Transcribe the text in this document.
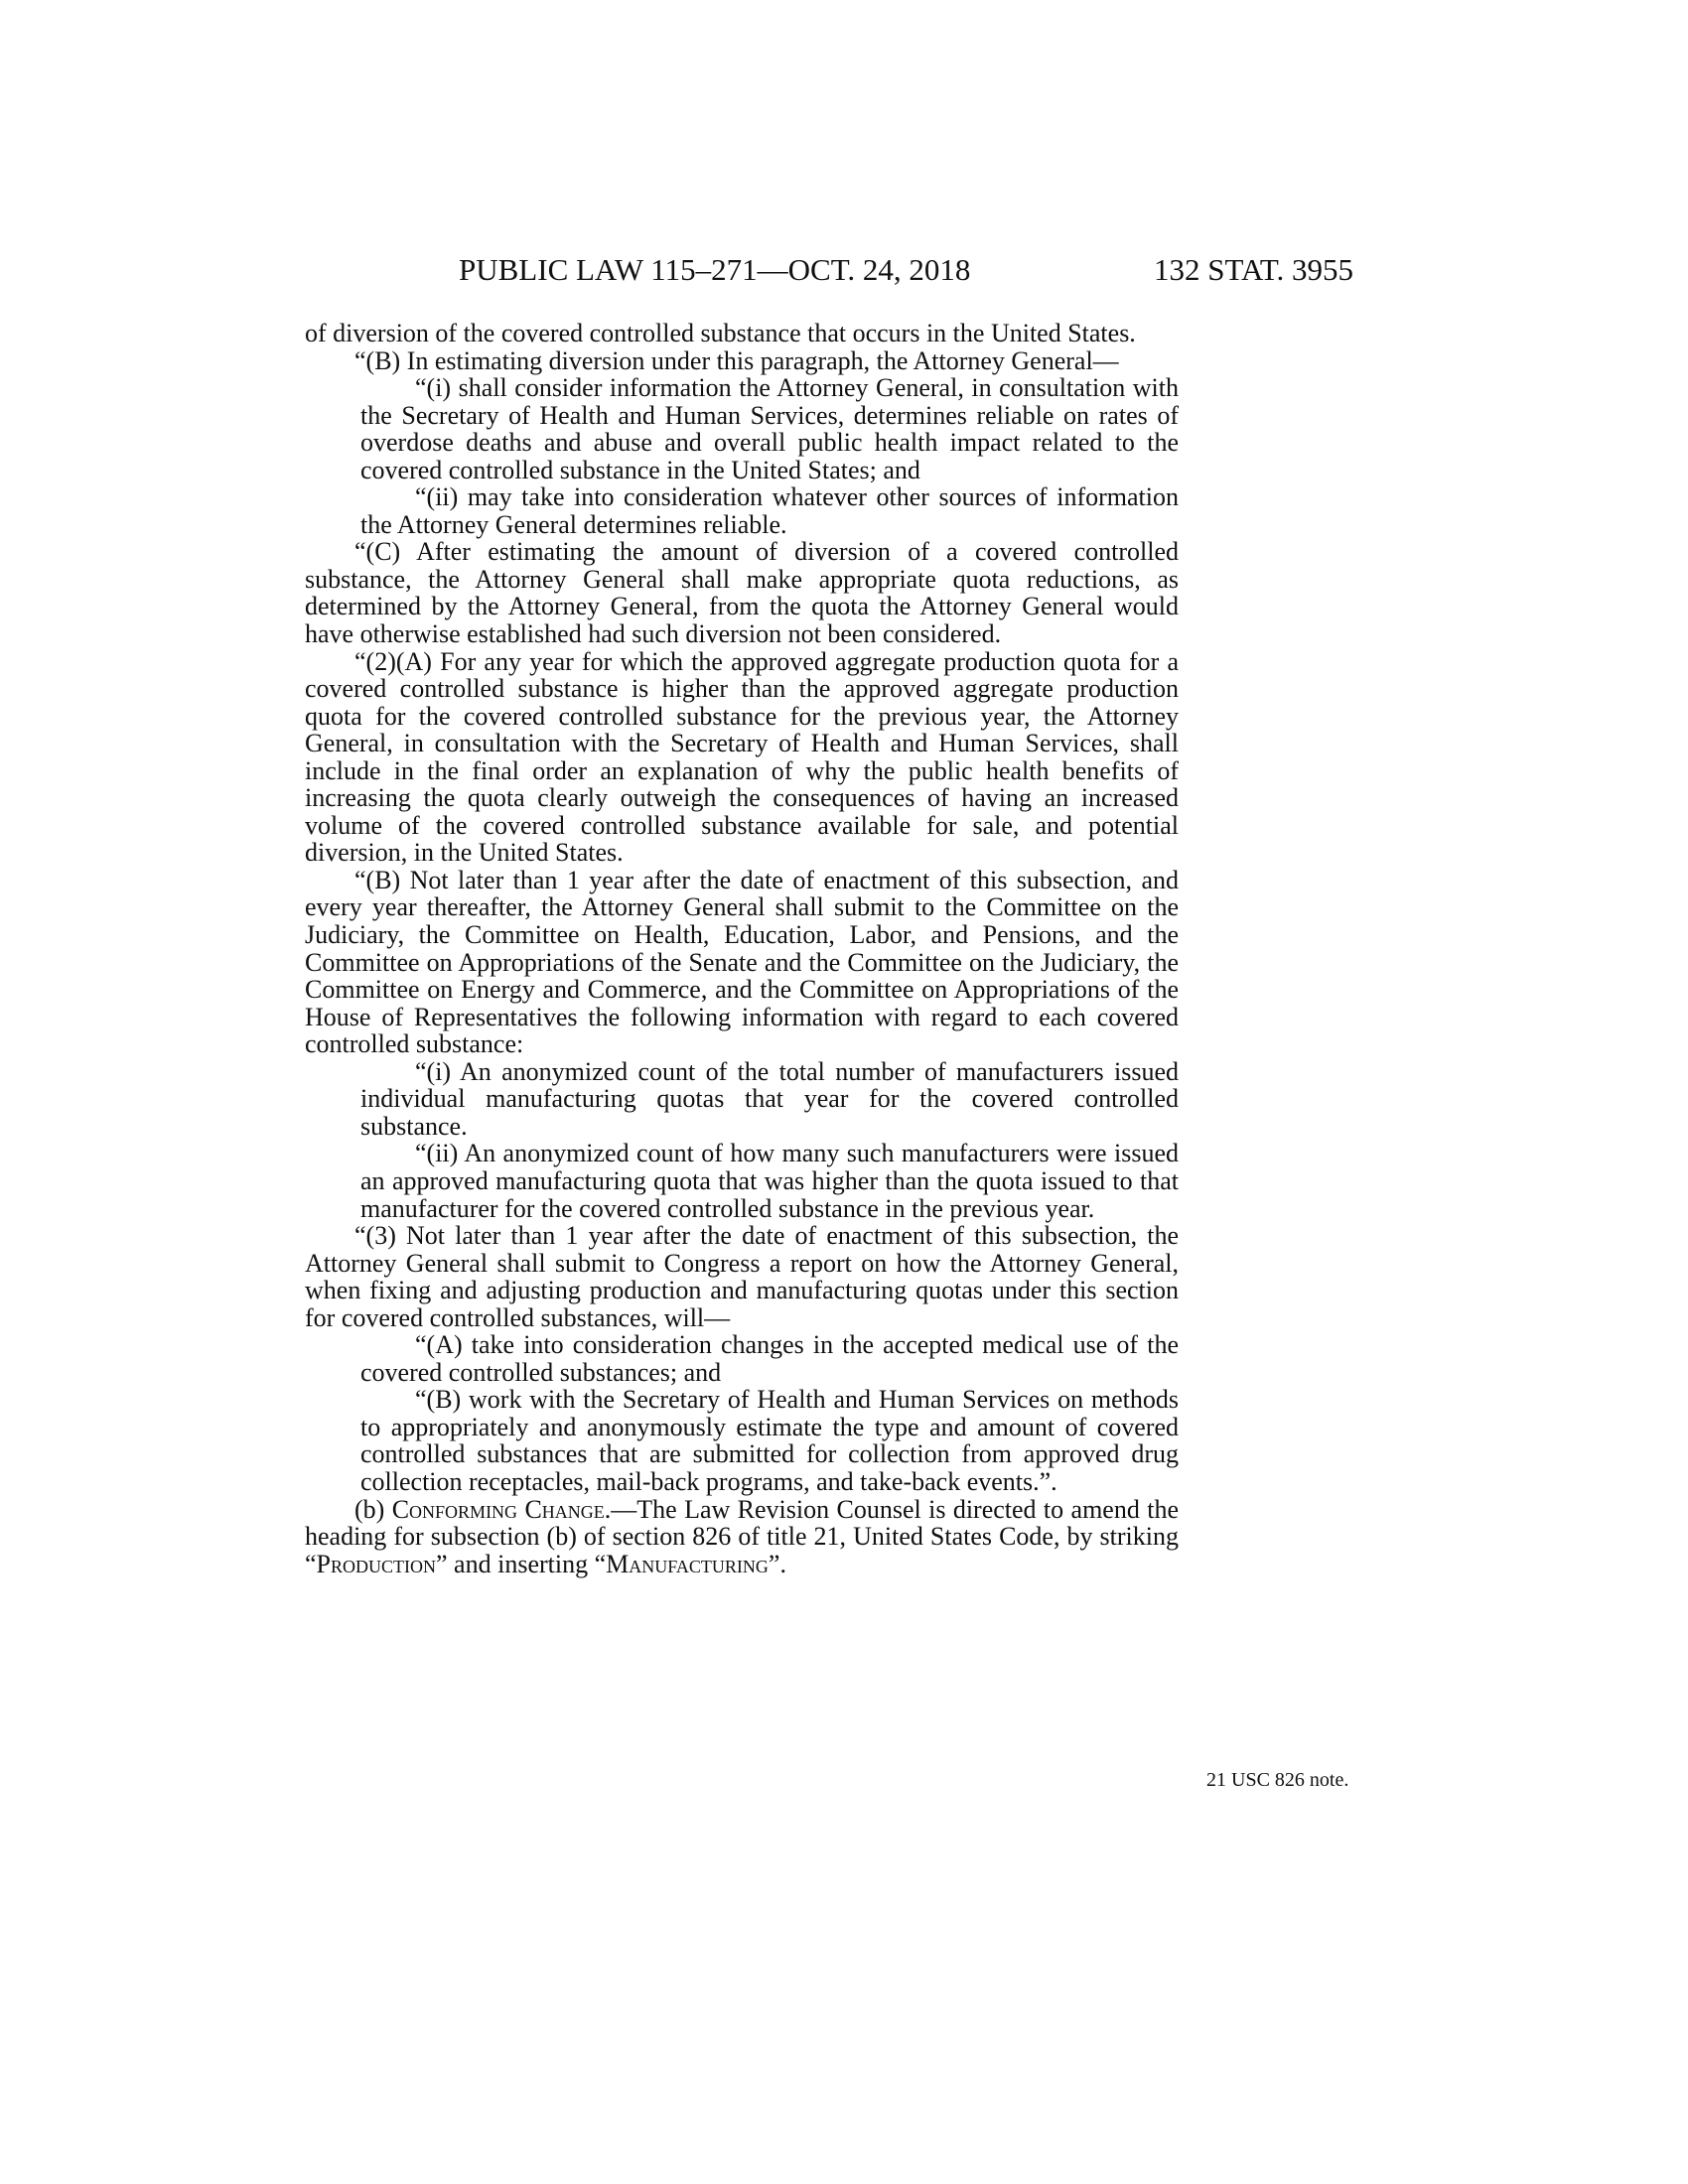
PUBLIC LAW 115–271—OCT. 24, 2018	132 STAT. 3955

of diversion of the covered controlled substance that occurs in the United States.

“(B) In estimating diversion under this paragraph, the Attorney General—

“(i) shall consider information the Attorney General, in consultation with the Secretary of Health and Human Services, determines reliable on rates of overdose deaths and abuse and overall public health impact related to the covered controlled substance in the United States; and

“(ii) may take into consideration whatever other sources of information the Attorney General determines reliable.

“(C) After estimating the amount of diversion of a covered controlled substance, the Attorney General shall make appropriate quota reductions, as determined by the Attorney General, from the quota the Attorney General would have otherwise established had such diversion not been considered.

“(2)(A) For any year for which the approved aggregate production quota for a covered controlled substance is higher than the approved aggregate production quota for the covered controlled substance for the previous year, the Attorney General, in consultation with the Secretary of Health and Human Services, shall include in the final order an explanation of why the public health benefits of increasing the quota clearly outweigh the consequences of having an increased volume of the covered controlled substance available for sale, and potential diversion, in the United States.

“(B) Not later than 1 year after the date of enactment of this subsection, and every year thereafter, the Attorney General shall submit to the Committee on the Judiciary, the Committee on Health, Education, Labor, and Pensions, and the Committee on Appropriations of the Senate and the Committee on the Judiciary, the Committee on Energy and Commerce, and the Committee on Appropriations of the House of Representatives the following information with regard to each covered controlled substance:

“(i) An anonymized count of the total number of manufacturers issued individual manufacturing quotas that year for the covered controlled substance.

“(ii) An anonymized count of how many such manufacturers were issued an approved manufacturing quota that was higher than the quota issued to that manufacturer for the covered controlled substance in the previous year.

“(3) Not later than 1 year after the date of enactment of this subsection, the Attorney General shall submit to Congress a report on how the Attorney General, when fixing and adjusting production and manufacturing quotas under this section for covered controlled substances, will—

“(A) take into consideration changes in the accepted medical use of the covered controlled substances; and

“(B) work with the Secretary of Health and Human Services on methods to appropriately and anonymously estimate the type and amount of covered controlled substances that are submitted for collection from approved drug collection receptacles, mail-back programs, and take-back events.”.

(b) Conforming Change.—The Law Revision Counsel is directed to amend the heading for subsection (b) of section 826 of title 21, United States Code, by striking “Production” and inserting “Manufacturing”.

21 USC 826 note.
